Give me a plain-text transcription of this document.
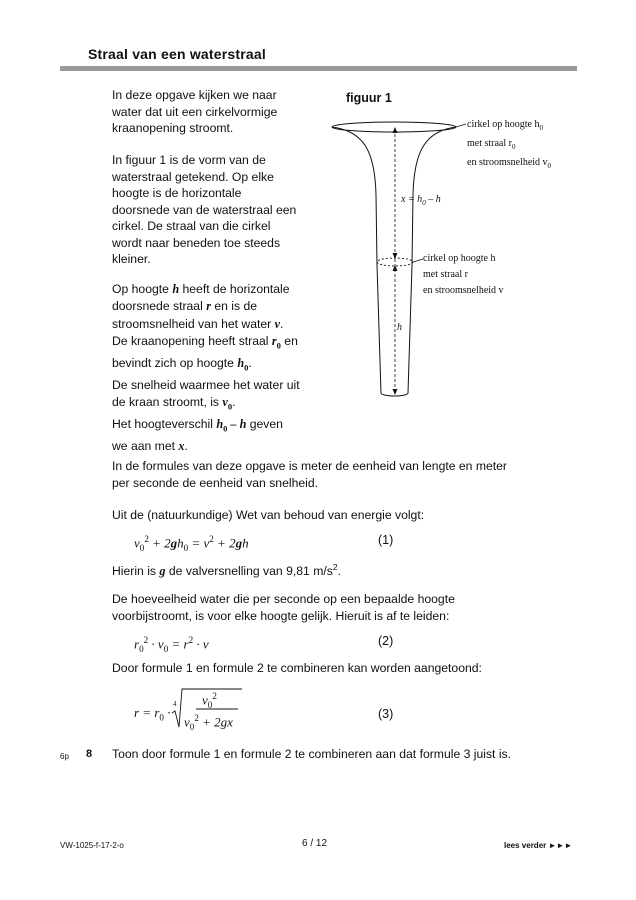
Straal van een waterstraal
In deze opgave kijken we naar
water dat uit een cirkelvormige
kraanopening stroomt.
In figuur 1 is de vorm van de
waterstraal getekend. Op elke
hoogte is de horizontale
doorsnede van de waterstraal een
cirkel. De straal van die cirkel
wordt naar beneden toe steeds
kleiner.
Op hoogte h heeft de horizontale
doorsnede straal r en is de
stroomsnelheid van het water v.
De kraanopening heeft straal $r_0$ en
bevindt zich op hoogte $h_0$.
De snelheid waarmee het water uit
de kraan stroomt, is $v_0$.
Het hoogteverschil $h_0$ – h geven
we aan met x.
figuur 1
cirkel op hoogte $h_0$
met straal $r_0$
en stroomsnelheid $v_0$
$x = h_0 - h$
cirkel op hoogte h
met straal r
en stroomsnelheid v
h
In de formules van deze opgave is meter de eenheid van lengte en meter
per seconde de eenheid van snelheid.
Uit de (natuurkundige) Wet van behoud van energie volgt:
$v_0^2 + 2gh_0 = v^2 + 2gh$	(1)
Hierin is g de valversnelling van 9,81 $m/s^2$.
De hoeveelheid water die per seconde op een bepaalde hoogte
voorbijstroomt, is voor elke hoogte gelijk. Hieruit is af te leiden:
$r_0^2 \cdot v_0 = r^2 \cdot v$	(2)
Door formule 1 en formule 2 te combineren kan worden aangetoond:
$r = r_0$ ·
4 $v_0^2$
$v_0^2 + 2gx$
(3)
6p 8 Toon door formule 1 en formule 2 te combineren aan dat formule 3 juist is.
VW-1025-f-17-2-o	6 / 12	lees verder ►►►
